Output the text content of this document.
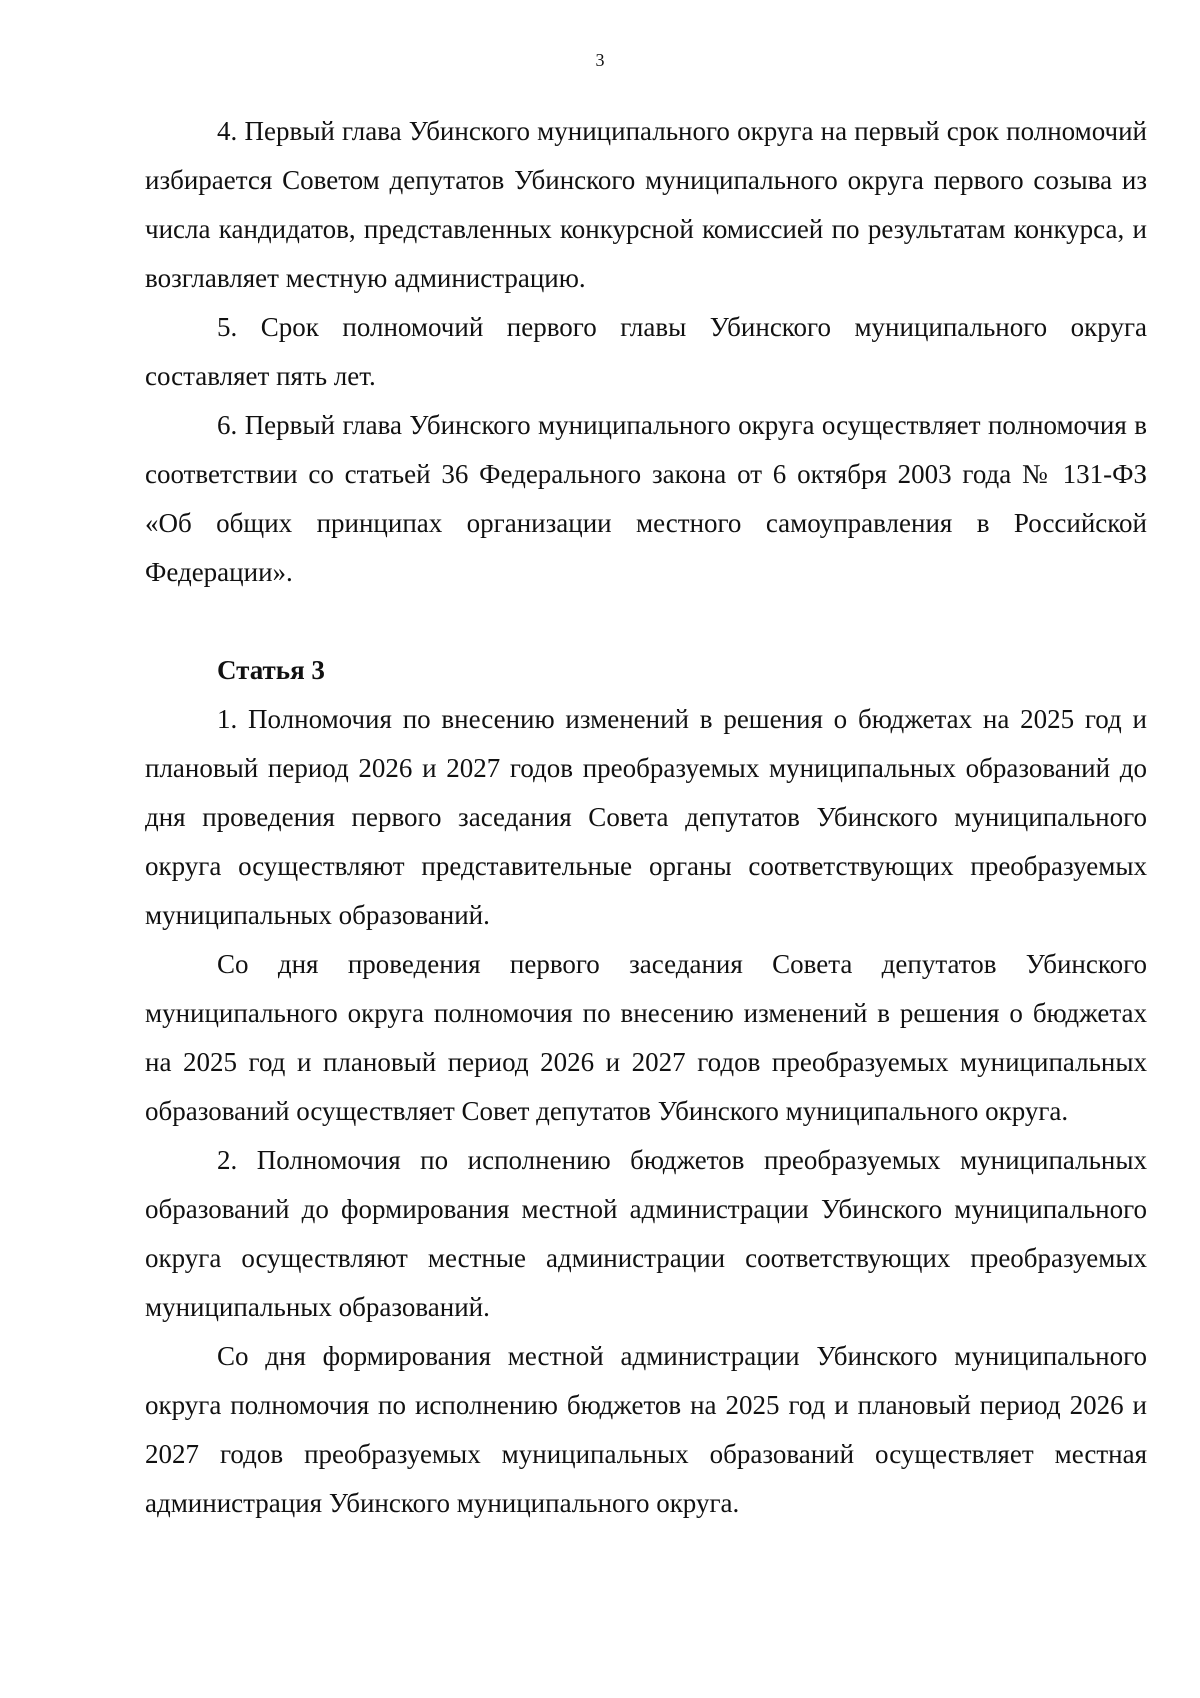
3

4. Первый глава Убинского муниципального округа на первый срок полномочий избирается Советом депутатов Убинского муниципального округа первого созыва из числа кандидатов, представленных конкурсной комиссией по результатам конкурса, и возглавляет местную администрацию.

5. Срок полномочий первого главы Убинского муниципального округа составляет пять лет.

6. Первый глава Убинского муниципального округа осуществляет полномочия в соответствии со статьей 36 Федерального закона от 6 октября 2003 года № 131-ФЗ «Об общих принципах организации местного самоуправления в Российской Федерации».

Статья 3

1. Полномочия по внесению изменений в решения о бюджетах на 2025 год и плановый период 2026 и 2027 годов преобразуемых муниципальных образований до дня проведения первого заседания Совета депутатов Убинского муниципального округа осуществляют представительные органы соответствующих преобразуемых муниципальных образований.

Со дня проведения первого заседания Совета депутатов Убинского муниципального округа полномочия по внесению изменений в решения о бюджетах на 2025 год и плановый период 2026 и 2027 годов преобразуемых муниципальных образований осуществляет Совет депутатов Убинского муниципального округа.

2. Полномочия по исполнению бюджетов преобразуемых муниципальных образований до формирования местной администрации Убинского муниципального округа осуществляют местные администрации соответствующих преобразуемых муниципальных образований.

Со дня формирования местной администрации Убинского муниципального округа полномочия по исполнению бюджетов на 2025 год и плановый период 2026 и 2027 годов преобразуемых муниципальных образований осуществляет местная администрация Убинского муниципального округа.
